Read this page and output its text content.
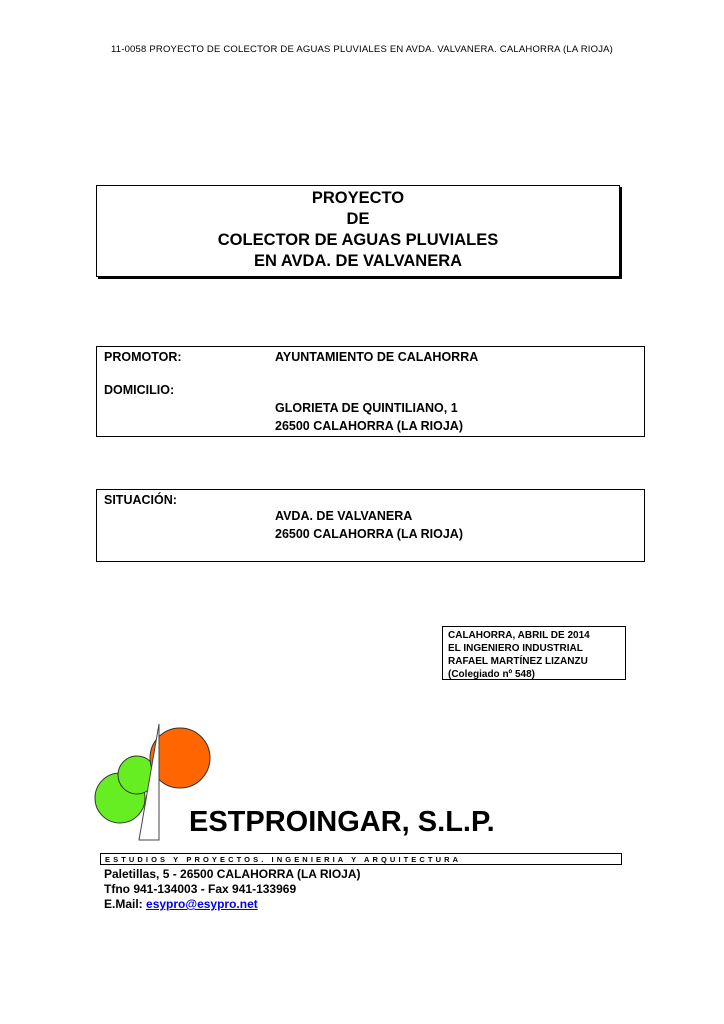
11-0058 PROYECTO DE COLECTOR DE AGUAS PLUVIALES EN AVDA. VALVANERA. CALAHORRA (LA RIOJA)
PROYECTO
DE
COLECTOR DE AGUAS PLUVIALES
EN AVDA. DE VALVANERA
PROMOTOR:	AYUNTAMIENTO DE CALAHORRA
DOMICILIO:
GLORIETA DE QUINTILIANO, 1
26500 CALAHORRA (LA RIOJA)
SITUACIÓN:
AVDA. DE VALVANERA
26500 CALAHORRA (LA RIOJA)
CALAHORRA, ABRIL DE 2014
EL INGENIERO INDUSTRIAL
RAFAEL MARTÍNEZ LIZANZU
(Colegiado nº 548)
ESTPROINGAR, S.L.P.
ESTUDIOS Y PROYECTOS. INGENIERIA Y ARQUITECTURA
Paletillas, 5 - 26500 CALAHORRA (LA RIOJA)
Tfno 941-134003 - Fax 941-133969
E.Mail: esypro@esypro.net
